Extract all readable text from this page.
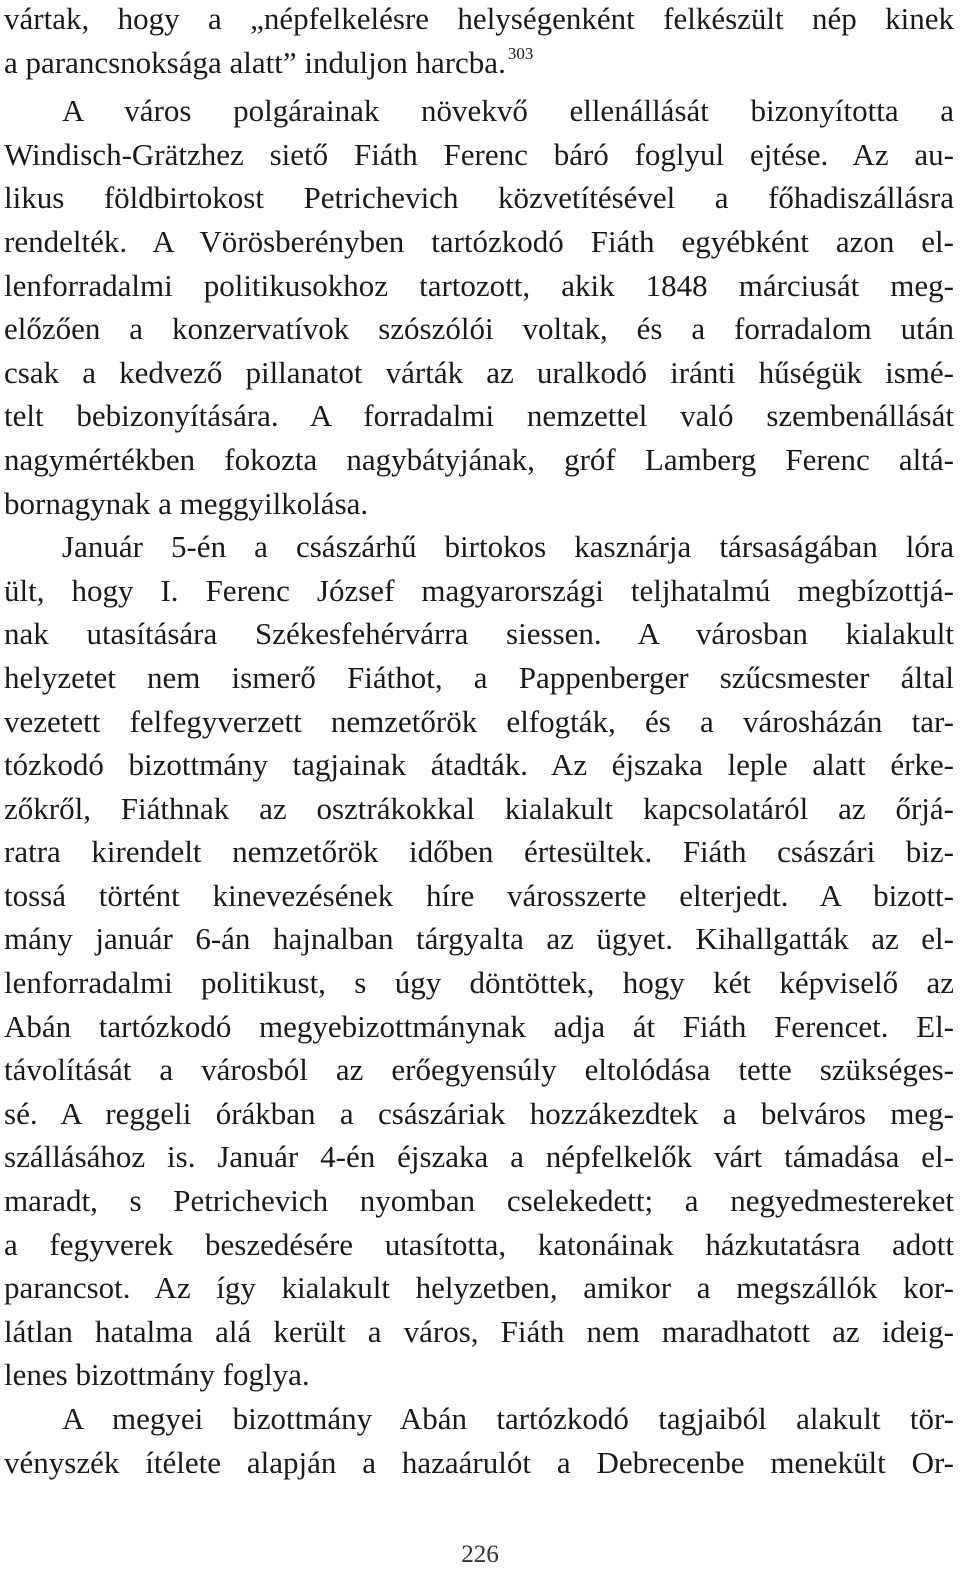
vártak, hogy a „népfelkelésre helységenként felkészült nép kinek
a parancsnoksága alatt” induljon harcba. $^{303}$
A város polgárainak növekvő ellenállását bizonyította a
Windisch-Grätzhez siető Fiáth Ferenc báró foglyul ejtése. Az au-
likus földbirtokost Petrichevich közvetítésével a főhadiszállásra
rendelték. A Vörösberényben tartózkodó Fiáth egyébként azon el-
lenforradalmi politikusokhoz tartozott, akik 1848 márciusát meg-
előzően a konzervatívok szószólói voltak, és a forradalom után
csak a kedvező pillanatot várták az uralkodó iránti hűségük ismé-
telt bebizonyítására. A forradalmi nemzettel való szembenállását
nagymértékben fokozta nagybátyjának, gróf Lamberg Ferenc altá-
bornagynak a meggyilkolása.
Január 5-én a császárhű birtokos kasznárja társaságában lóra
ült, hogy I. Ferenc József magyarországi teljhatalmú megbízottjá-
nak utasítására Székesfehérvárra siessen. A városban kialakult
helyzetet nem ismerő Fiáthot, a Pappenberger szűcsmester által
vezetett felfegyverzett nemzetőrök elfogták, és a városházán tar-
tózkodó bizottmány tagjainak átadták. Az éjszaka leple alatt érke-
zőkről, Fiáthnak az osztrákokkal kialakult kapcsolatáról az őrjá-
ratra kirendelt nemzetőrök időben értesültek. Fiáth császári biz-
tossá történt kinevezésének híre városszerte elterjedt. A bizott-
mány január 6-án hajnalban tárgyalta az ügyet. Kihallgatták az el-
lenforradalmi politikust, s úgy döntöttek, hogy két képviselő az
Abán tartózkodó megyebizottmánynak adja át Fiáth Ferencet. El-
távolítását a városból az erőegyensúly eltolódása tette szükséges-
sé. A reggeli órákban a császáriak hozzákezdtek a belváros meg-
szállásához is. Január 4-én éjszaka a népfelkelők várt támadása el-
maradt, s Petrichevich nyomban cselekedett; a negyedmestereket
a fegyverek beszedésére utasította, katonáinak házkutatásra adott
parancsot. Az így kialakult helyzetben, amikor a megszállók kor-
látlan hatalma alá került a város, Fiáth nem maradhatott az ideig-
lenes bizottmány foglya.
A megyei bizottmány Abán tartózkodó tagjaiból alakult tör-
vényszék ítélete alapján a hazaárulót a Debrecenbe menekült Or-
226
